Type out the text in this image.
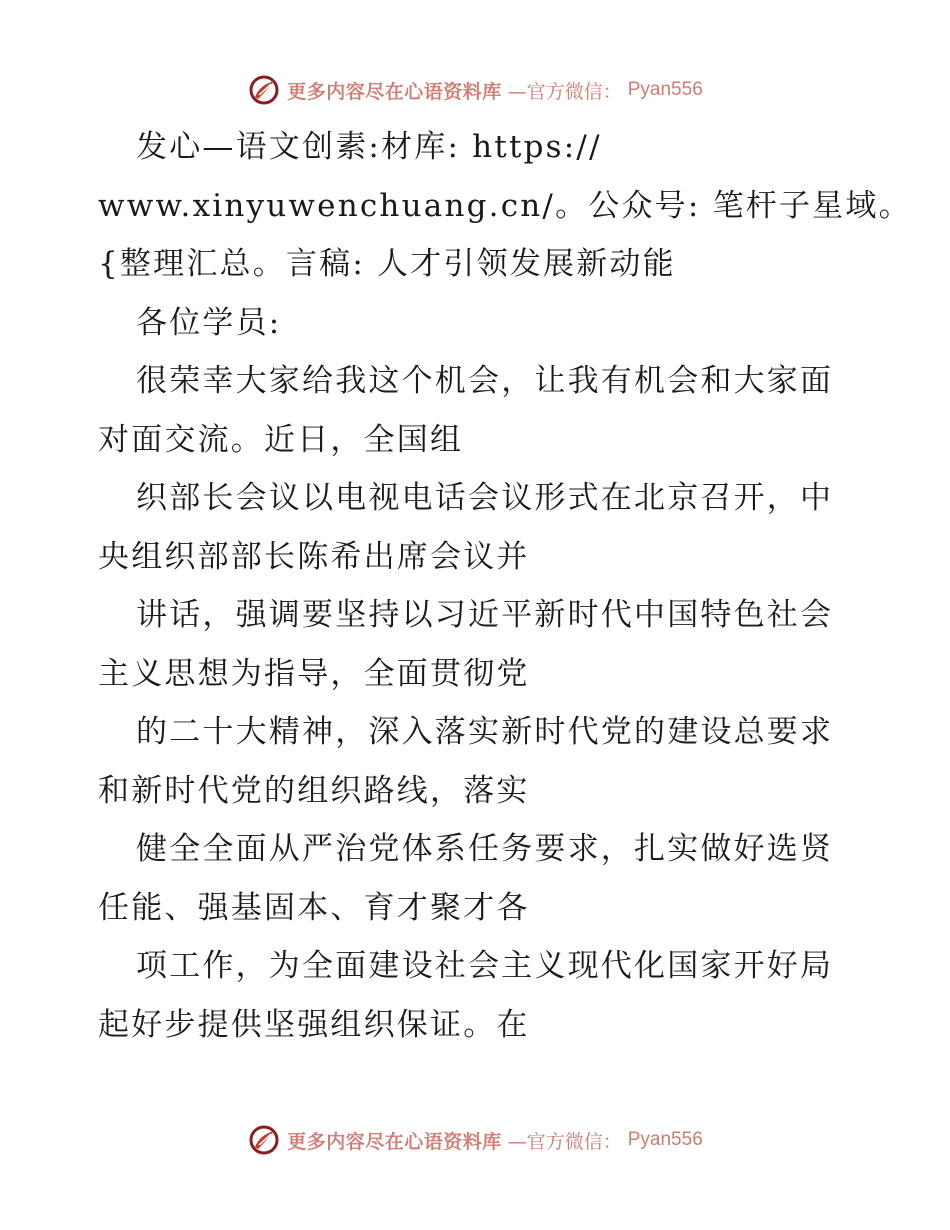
更多内容尽在心语资料库 —官方微信： Pyan556
发心—语文创素:材库: https://
www.xinyuwenchuang.cn/。公众号: 笔杆子星域。
{整理汇总。言稿: 人才引领发展新动能
各位学员:
很荣幸大家给我这个机会，让我有机会和大家面
对面交流。近日，全国组
织部长会议以电视电话会议形式在北京召开，中
央组织部部长陈希出席会议并
讲话，强调要坚持以习近平新时代中国特色社会
主义思想为指导，全面贯彻党
的二十大精神，深入落实新时代党的建设总要求
和新时代党的组织路线，落实
健全全面从严治党体系任务要求，扎实做好选贤
任能、强基固本、育才聚才各
项工作，为全面建设社会主义现代化国家开好局
起好步提供坚强组织保证。在
更多内容尽在心语资料库 —官方微信： Pyan556
